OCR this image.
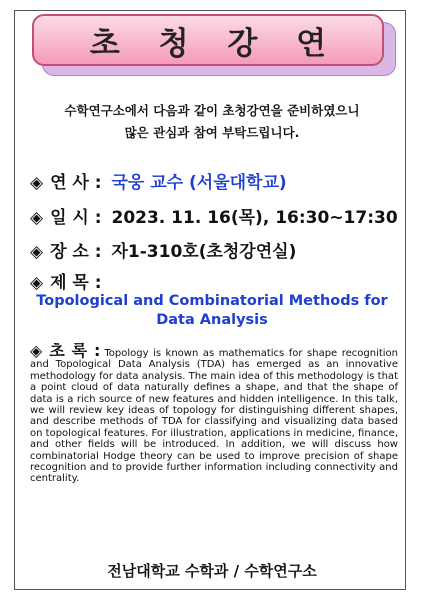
초 청 강 연
수학연구소에서 다음과 같이 초청강연을 준비하였으니
많은 관심과 참여 부탁드립니다.
◈ 연 사 : 국웅 교수 (서울대학교)
◈ 일 시 : 2023. 11. 16(목), 16:30~17:30
◈ 장 소 : 자1-310호(초청강연실)
◈ 제 목 :
Topological and Combinatorial Methods for Data Analysis
◈ 초 록 : Topology is known as mathematics for shape recognition and Topological Data Analysis (TDA) has emerged as an innovative methodology for data analysis. The main idea of this methodology is that a point cloud of data naturally defines a shape, and that the shape of data is a rich source of new features and hidden intelligence. In this talk, we will review key ideas of topology for distinguishing different shapes, and describe methods of TDA for classifying and visualizing data based on topological features. For illustration, applications in medicine, finance, and other fields will be introduced. In addition, we will discuss how combinatorial Hodge theory can be used to improve precision of shape recognition and to provide further information including connectivity and centrality.
전남대학교 수학과 / 수학연구소
